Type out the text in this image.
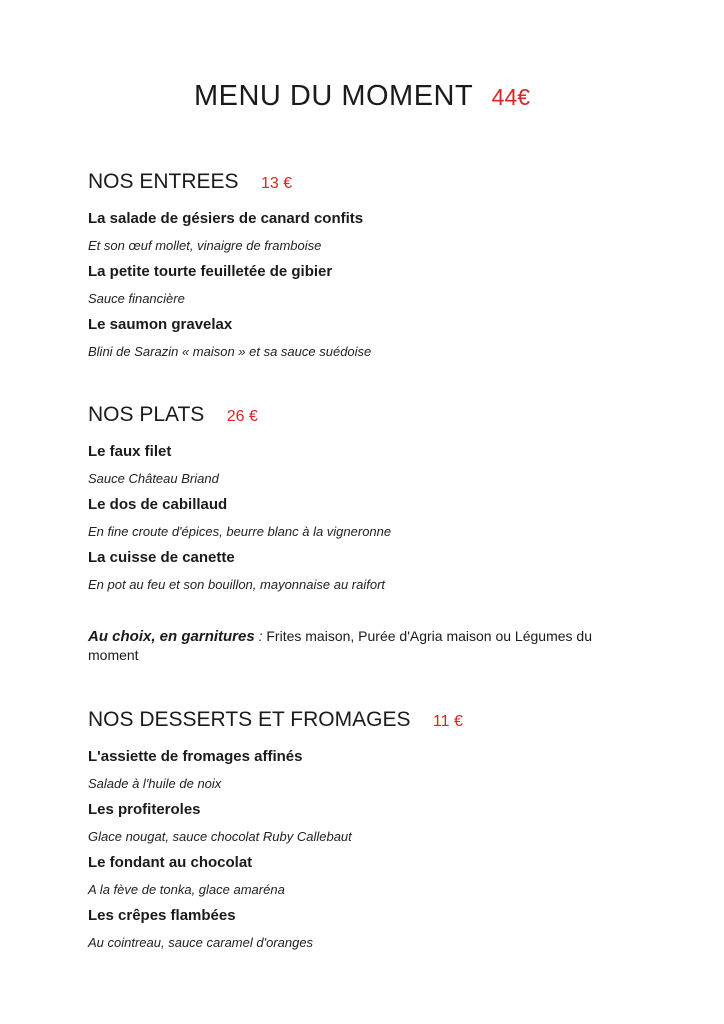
MENU DU MOMENT 44€
NOS ENTREES 13 €

La salade de gésiers de canard confits

Et son œuf mollet, vinaigre de framboise

La petite tourte feuilletée de gibier

Sauce financière

Le saumon gravelax

Blini de Sarazin « maison » et sa sauce suédoise

NOS PLATS 26 €

Le faux filet

Sauce Château Briand

Le dos de cabillaud

En fine croute d'épices, beurre blanc à la vigneronne

La cuisse de canette

En pot au feu et son bouillon, mayonnaise au raifort

Au choix, en garnitures : Frites maison, Purée d'Agria maison ou Légumes du moment

NOS DESSERTS ET FROMAGES 11 €

L'assiette de fromages affinés

Salade à l'huile de noix

Les profiteroles

Glace nougat, sauce chocolat Ruby Callebaut

Le fondant au chocolat

A la fève de tonka, glace amaréna

Les crêpes flambées

Au cointreau, sauce caramel d'oranges
